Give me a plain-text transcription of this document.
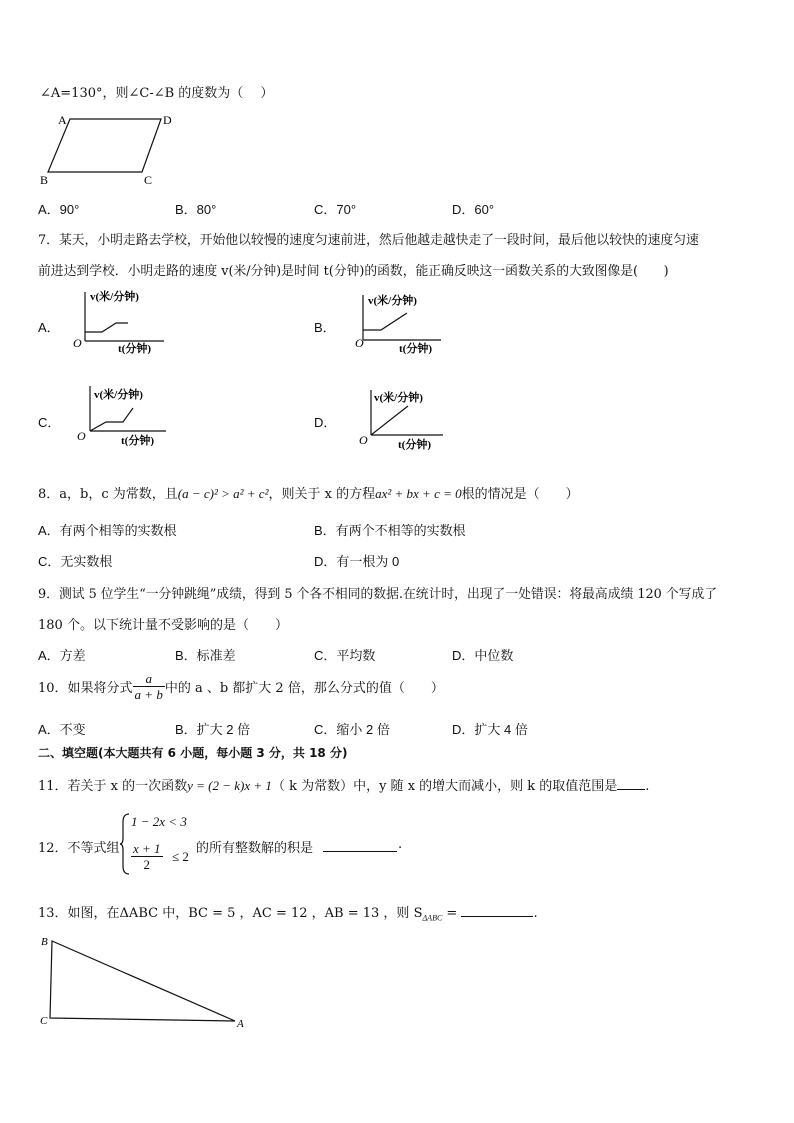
∠A=130°，则∠C-∠B 的度数为（　 ）
A	D
B	C
A．90°	B．80°	C．70°	D．60°
7．某天，小明走路去学校，开始他以较慢的速度匀速前进，然后他越走越快走了一段时间，最后他以较快的速度匀速
前进达到学校．小明走路的速度 v(米/分钟)是时间 t(分钟)的函数，能正确反映这一函数关系的大致图像是(　　)
A．
v(米/分钟)
O	t(分钟)
B．
v(米/分钟)
O	t(分钟)
C．
v(米/分钟)
O	t(分钟)
D．
v(米/分钟)
O	t(分钟)
8．a，b，c 为常数，且(a − c)² > a² + c²，则关于 x 的方程ax² + bx + c = 0根的情况是（　　）
A．有两个相等的实数根	B．有两个不相等的实数根
C．无实数根	D．有一根为 0
9．测试 5 位学生“一分钟跳绳”成绩，得到 5 个各不相同的数据.在统计时，出现了一处错误：将最高成绩 120 个写成了
180 个。以下统计量不受影响的是（　　）
A．方差	B．标准差	C．平均数	D．中位数
10．如果将分式 $\frac{a}{a + b}$ 中的 a 、b 都扩大 2 倍，那么分式的值（　　）
A．不变	B．扩大 2 倍	C．缩小 2 倍	D．扩大 4 倍
二、填空题(本大题共有 6 小题，每小题 3 分，共 18 分)
11．若关于 x 的一次函数y = (2 − k)x + 1（ k 为常数）中，y 随 x 的增大而减小，则 k 的取值范围是 .
12．不等式组
1 − 2x < 3
$\frac{x + 1}{2} \le 2$
的所有整数解的积是	.
13．如图，在ΔABC 中，BC = 5 ，AC = 12 ，AB = 13 ，则 $S_{\Delta ABC}$ =	.
B
C	A
